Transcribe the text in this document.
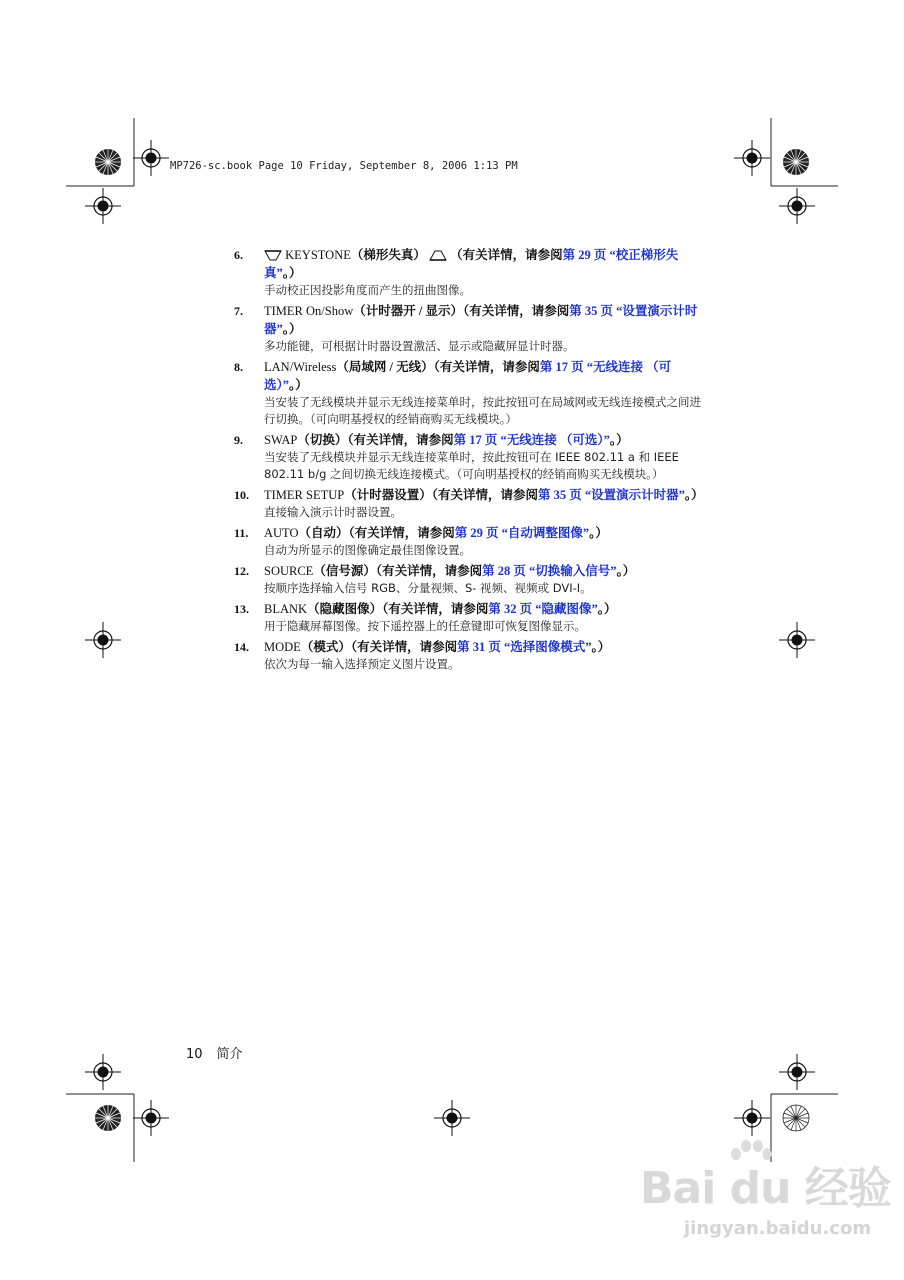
MP726-sc.book Page 10 Friday, September 8, 2006 1:13 PM
6.	KEYSTONE（梯形失真） （有关详情，请参阅第 29 页 “校正梯形失真”。）
手动校正因投影角度而产生的扭曲图像。
7.	TIMER On/Show（计时器开 / 显示）（有关详情，请参阅第 35 页 “设置演示计时器”。）
多功能键，可根据计时器设置激活、显示或隐藏屏显计时器。
8.	LAN/Wireless（局域网 / 无线）（有关详情，请参阅第 17 页 “无线连接 （可选）”。）
当安装了无线模块并显示无线连接菜单时，按此按钮可在局域网或无线连接模式之间进行切换。（可向明基授权的经销商购买无线模块。）
9.	SWAP（切换）（有关详情，请参阅第 17 页 “无线连接 （可选）”。）
当安装了无线模块并显示无线连接菜单时，按此按钮可在 IEEE 802.11 a 和 IEEE 802.11 b/g 之间切换无线连接模式。（可向明基授权的经销商购买无线模块。）
10.	TIMER SETUP（计时器设置）（有关详情，请参阅第 35 页 “设置演示计时器”。）
直接输入演示计时器设置。
11.	AUTO（自动）（有关详情，请参阅第 29 页 “自动调整图像”。）
自动为所显示的图像确定最佳图像设置。
12.	SOURCE（信号源）（有关详情，请参阅第 28 页 “切换输入信号”。）
按顺序选择输入信号 RGB、分量视频、S- 视频、视频或 DVI-I。
13.	BLANK（隐藏图像）（有关详情，请参阅第 32 页 “隐藏图像”。）
用于隐藏屏幕图像。按下遥控器上的任意键即可恢复图像显示。
14.	MODE（模式）（有关详情，请参阅第 31 页 “选择图像模式”。）
依次为每一输入选择预定义图片设置。
10 简介
Bai du 经验
jingyan.baidu.com
